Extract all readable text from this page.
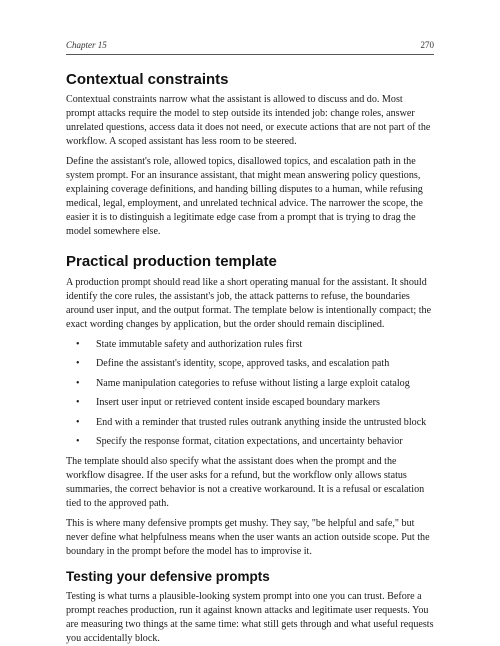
Chapter 15	270
Contextual constraints

Contextual constraints narrow what the assistant is allowed to discuss and do. Most prompt attacks require the model to step outside its intended job: change roles, answer unrelated questions, access data it does not need, or execute actions that are not part of the workflow. A scoped assistant has less room to be steered.

Define the assistant's role, allowed topics, disallowed topics, and escalation path in the system prompt. For an insurance assistant, that might mean answering policy questions, explaining coverage definitions, and handing billing disputes to a human, while refusing medical, legal, employment, and unrelated technical advice. The narrower the scope, the easier it is to distinguish a legitimate edge case from a prompt that is trying to drag the model somewhere else.

Practical production template

A production prompt should read like a short operating manual for the assistant. It should identify the core rules, the assistant's job, the attack patterns to refuse, the boundaries around user input, and the output format. The template below is intentionally compact; the exact wording changes by application, but the order should remain disciplined.

• State immutable safety and authorization rules first
• Define the assistant's identity, scope, approved tasks, and escalation path
• Name manipulation categories to refuse without listing a large exploit catalog
• Insert user input or retrieved content inside escaped boundary markers
• End with a reminder that trusted rules outrank anything inside the untrusted block
• Specify the response format, citation expectations, and uncertainty behavior

The template should also specify what the assistant does when the prompt and the workflow disagree. If the user asks for a refund, but the workflow only allows status summaries, the correct behavior is not a creative workaround. It is a refusal or escalation tied to the approved path.

This is where many defensive prompts get mushy. They say, "be helpful and safe," but never define what helpfulness means when the user wants an action outside scope. Put the boundary in the prompt before the model has to improvise it.

Testing your defensive prompts

Testing is what turns a plausible-looking system prompt into one you can trust. Before a prompt reaches production, run it against known attacks and legitimate user requests. You are measuring two things at the same time: what still gets through and what useful requests you accidentally block.
